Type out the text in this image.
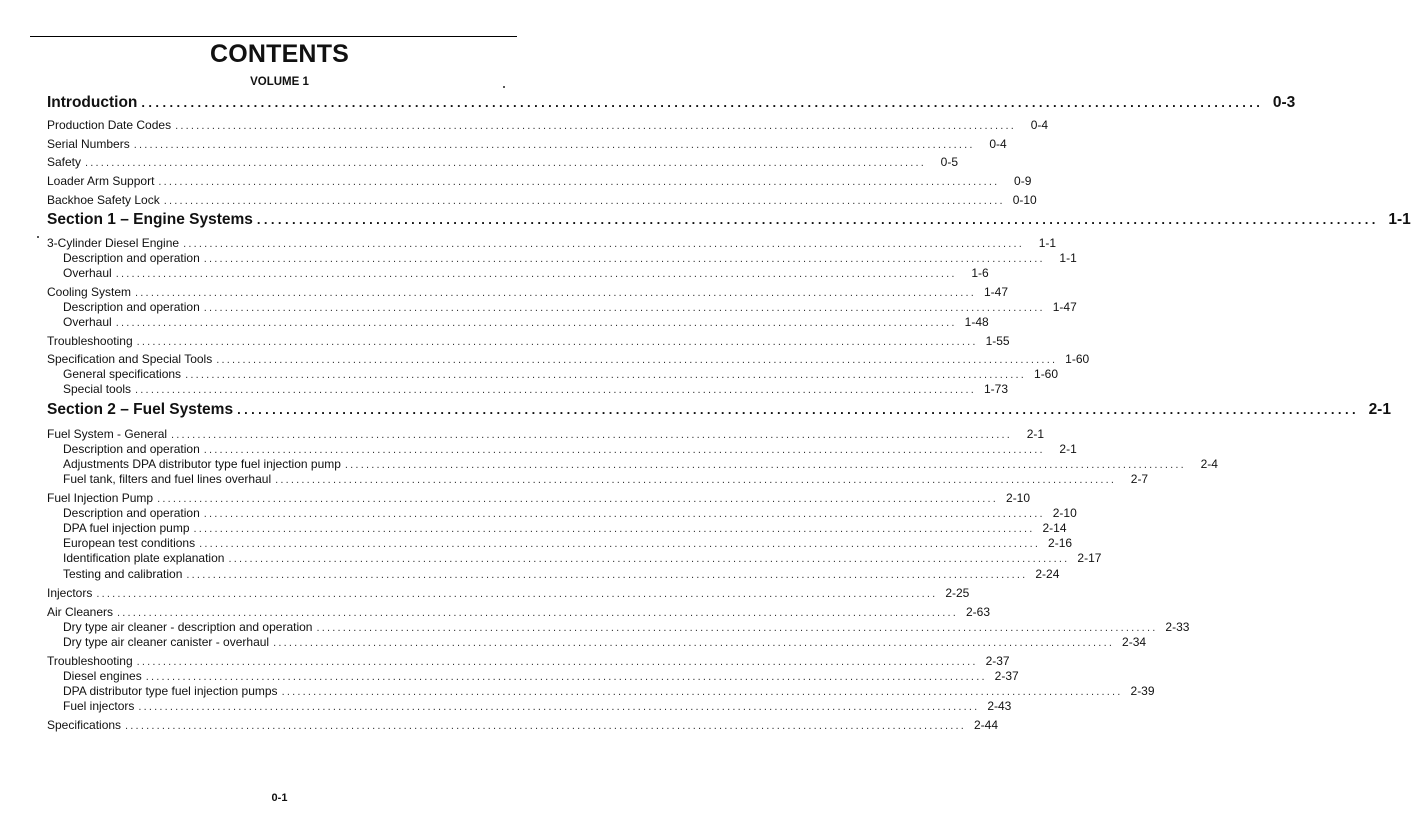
CONTENTS
VOLUME 1
Introduction ................................................................................................................................................................ 0-3
Production Date Codes ................................................................................................................................................................	0-4
Serial Numbers ................................................................................................................................................................	0-4
Safety ................................................................................................................................................................	0-5
Loader Arm Support ................................................................................................................................................................	0-9
Backhoe Safety Lock ................................................................................................................................................................ 0-10
Section 1 – Engine Systems ................................................................................................................................................................ 1-1
3-Cylinder Diesel Engine ................................................................................................................................................................	1-1
Description and operation ................................................................................................................................................................	1-1
Overhaul ................................................................................................................................................................	1-6
Cooling System ................................................................................................................................................................ 1-47
Description and operation ................................................................................................................................................................ 1-47
Overhaul ................................................................................................................................................................ 1-48
Troubleshooting ................................................................................................................................................................ 1-55
Specification and Special Tools ................................................................................................................................................................ 1-60
General specifications ................................................................................................................................................................ 1-60
Special tools ................................................................................................................................................................ 1-73
Section 2 – Fuel Systems ................................................................................................................................................................ 2-1
Fuel System - General ................................................................................................................................................................	2-1
Description and operation ................................................................................................................................................................	2-1
Adjustments DPA distributor type fuel injection pump ................................................................................................................................................................	2-4
Fuel tank, filters and fuel lines overhaul ................................................................................................................................................................	2-7
Fuel Injection Pump ................................................................................................................................................................ 2-10
Description and operation ................................................................................................................................................................ 2-10
DPA fuel injection pump ................................................................................................................................................................ 2-14
European test conditions ................................................................................................................................................................ 2-16
Identification plate explanation ................................................................................................................................................................ 2-17
Testing and calibration ................................................................................................................................................................ 2-24
Injectors ................................................................................................................................................................ 2-25
Air Cleaners ................................................................................................................................................................ 2-63
Dry type air cleaner - description and operation ................................................................................................................................................................ 2-33
Dry type air cleaner canister - overhaul ................................................................................................................................................................ 2-34
Troubleshooting ................................................................................................................................................................ 2-37
Diesel engines ................................................................................................................................................................ 2-37
DPA distributor type fuel injection pumps ................................................................................................................................................................ 2-39
Fuel injectors ................................................................................................................................................................ 2-43
Specifications ................................................................................................................................................................ 2-44
0-1
